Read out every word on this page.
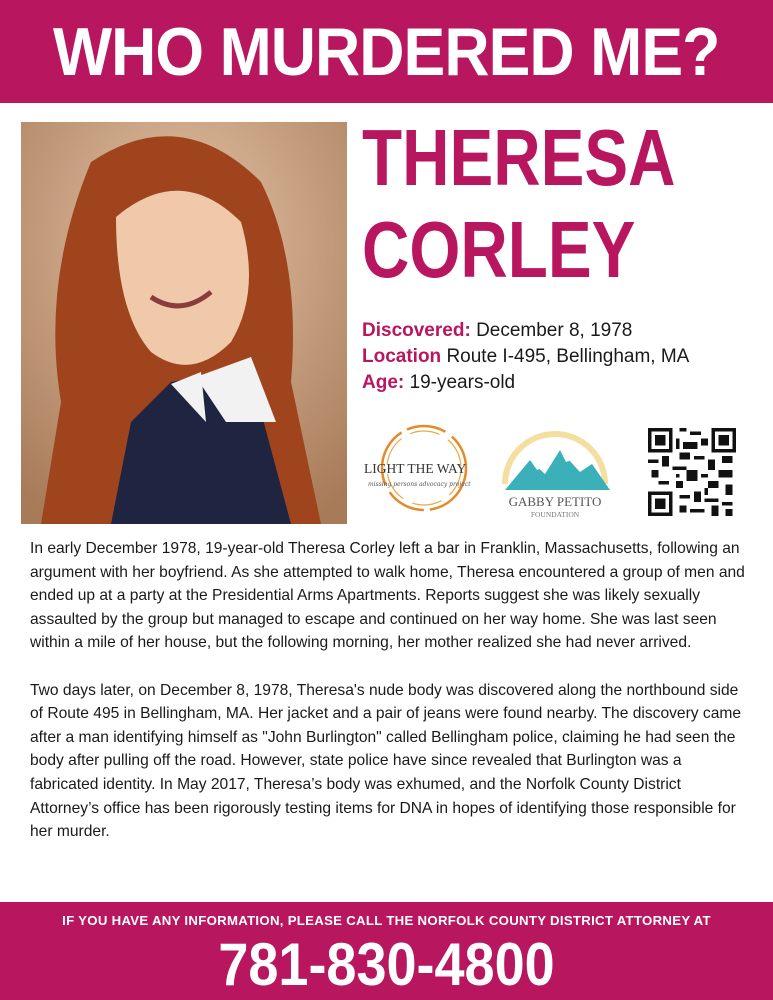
WHO MURDERED ME?
THERESA
CORLEY
Discovered: December 8, 1978
Location Route I-495, Bellingham, MA
Age: 19-years-old
LIGHT THE WAY
missing persons advocacy project
GABBY PETITO
FOUNDATION

In early December 1978, 19-year-old Theresa Corley left a bar in Franklin, Massachusetts, following an argument with her boyfriend. As she attempted to walk home, Theresa encountered a group of men and ended up at a party at the Presidential Arms Apartments. Reports suggest she was likely sexually assaulted by the group but managed to escape and continued on her way home. She was last seen within a mile of her house, but the following morning, her mother realized she had never arrived.

Two days later, on December 8, 1978, Theresa's nude body was discovered along the northbound side of Route 495 in Bellingham, MA. Her jacket and a pair of jeans were found nearby. The discovery came after a man identifying himself as "John Burlington" called Bellingham police, claiming he had seen the body after pulling off the road. However, state police have since revealed that Burlington was a fabricated identity. In May 2017, Theresa’s body was exhumed, and the Norfolk County District Attorney’s office has been rigorously testing items for DNA in hopes of identifying those responsible for her murder.

IF YOU HAVE ANY INFORMATION, PLEASE CALL THE NORFOLK COUNTY DISTRICT ATTORNEY AT
781-830-4800
